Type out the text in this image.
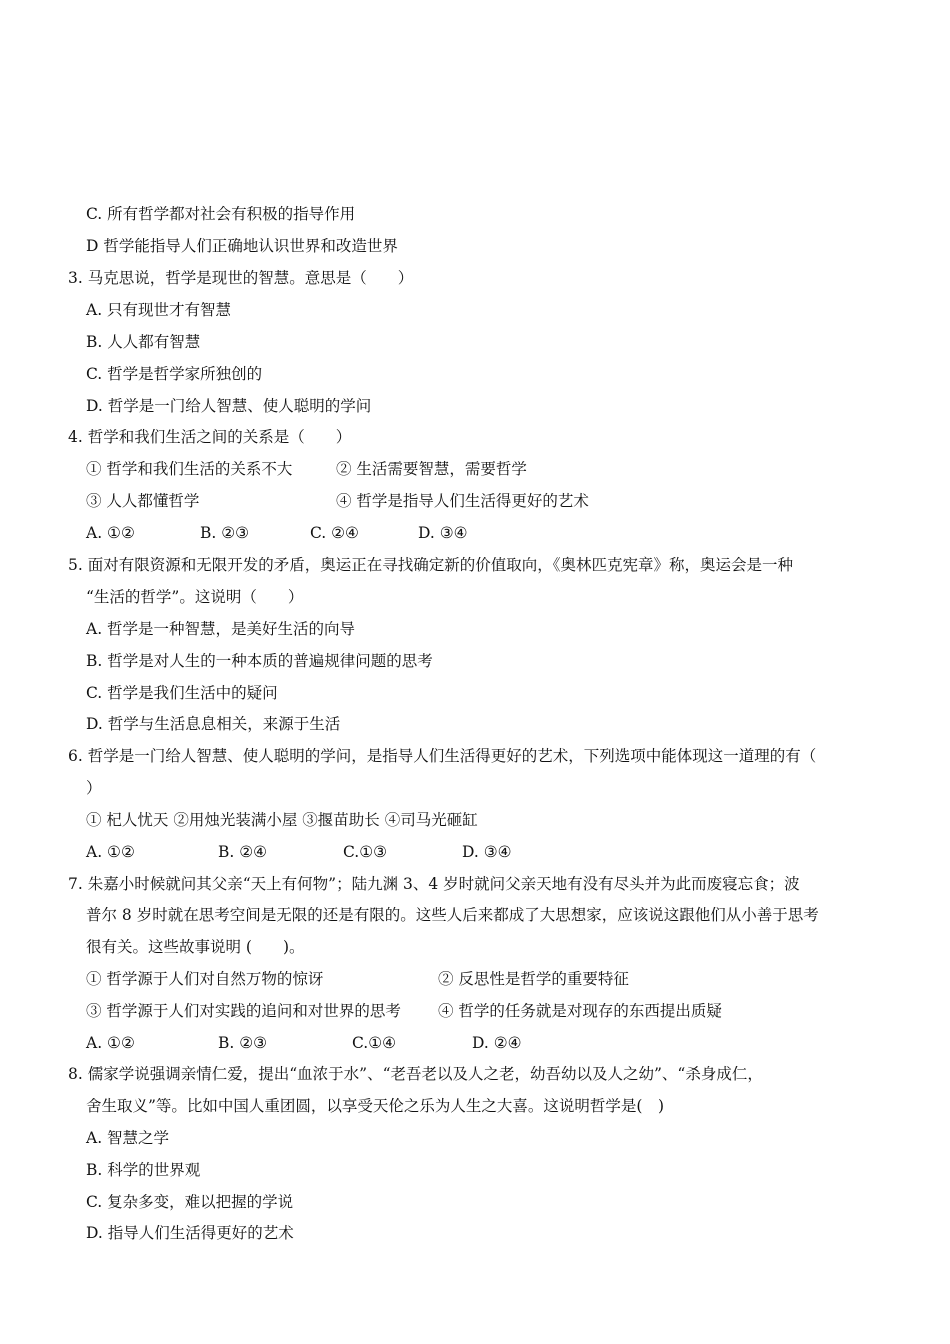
C. 所有哲学都对社会有积极的指导作用
D 哲学能指导人们正确地认识世界和改造世界
3. 马克思说，哲学是现世的智慧。意思是（　　）
A. 只有现世才有智慧
B. 人人都有智慧
C. 哲学是哲学家所独创的
D. 哲学是一门给人智慧、使人聪明的学问
4. 哲学和我们生活之间的关系是（　　）
① 哲学和我们生活的关系不大	② 生活需要智慧，需要哲学
③ 人人都懂哲学	④ 哲学是指导人们生活得更好的艺术
A. ①②	B. ②③	C. ②④	D. ③④
5. 面对有限资源和无限开发的矛盾，奥运正在寻找确定新的价值取向，《奥林匹克宪章》称，奥运会是一种
“生活的哲学”。这说明（　　）
A. 哲学是一种智慧，是美好生活的向导
B. 哲学是对人生的一种本质的普遍规律问题的思考
C. 哲学是我们生活中的疑问
D. 哲学与生活息息相关，来源于生活
6. 哲学是一门给人智慧、使人聪明的学问，是指导人们生活得更好的艺术，下列选项中能体现这一道理的有（
）
① 杞人忧天 ②用烛光装满小屋 ③揠苗助长 ④司马光砸缸
A. ①②	B. ②④	C.①③	D. ③④
7. 朱嘉小时候就问其父亲“天上有何物”；陆九渊 3、4 岁时就问父亲天地有没有尽头并为此而废寝忘食；波
普尔 8 岁时就在思考空间是无限的还是有限的。这些人后来都成了大思想家，应该说这跟他们从小善于思考
很有关。这些故事说明 (　　)。
① 哲学源于人们对自然万物的惊讶	② 反思性是哲学的重要特征
③ 哲学源于人们对实践的追问和对世界的思考 ④ 哲学的任务就是对现存的东西提出质疑
A. ①②	B. ②③	C.①④	D. ②④
8. 儒家学说强调亲情仁爱，提出“血浓于水”、“老吾老以及人之老，幼吾幼以及人之幼”、“杀身成仁，
舍生取义”等。比如中国人重团圆，以享受天伦之乐为人生之大喜。这说明哲学是(　)
A. 智慧之学
B. 科学的世界观
C. 复杂多变，难以把握的学说
D. 指导人们生活得更好的艺术
